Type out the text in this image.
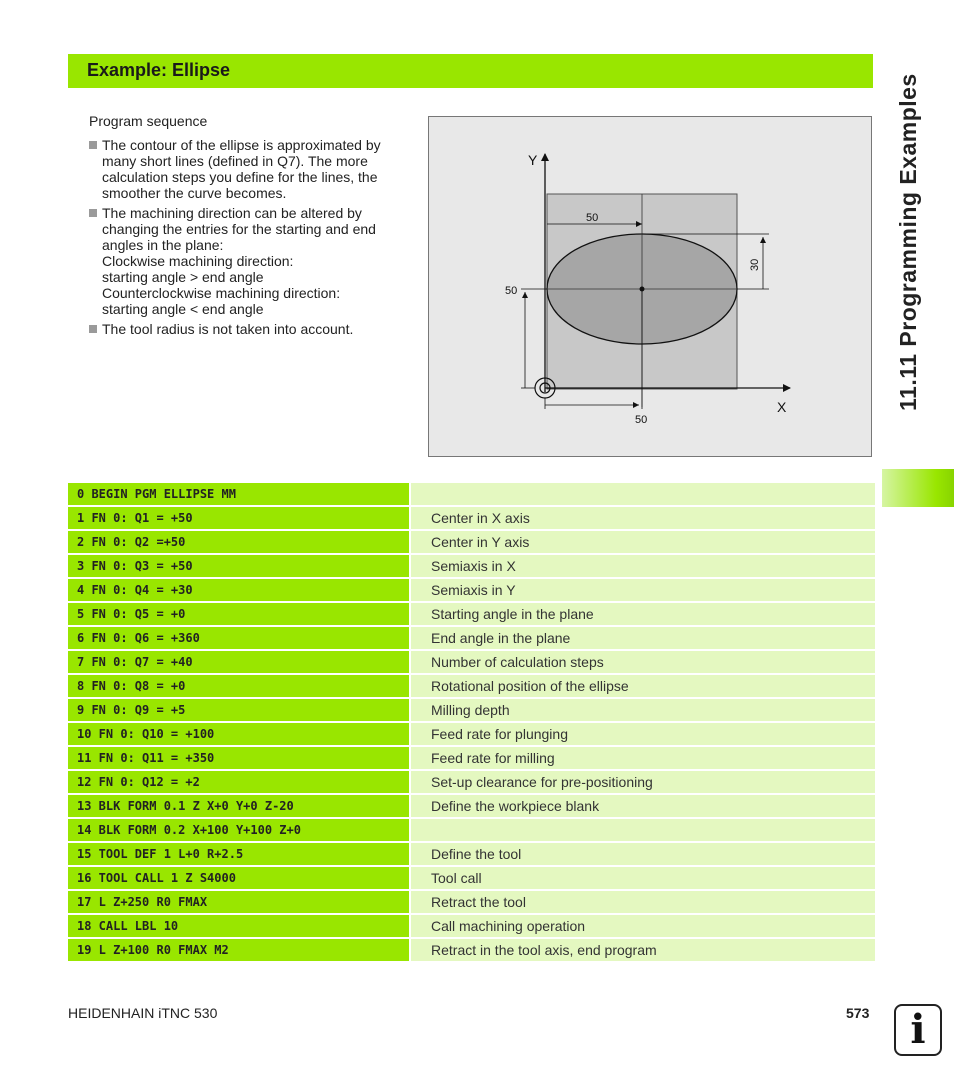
Example: Ellipse
11.11 Programming Examples
Program sequence
The contour of the ellipse is approximated by
many short lines (defined in Q7). The more
calculation steps you define for the lines, the
smoother the curve becomes.
The machining direction can be altered by
changing the entries for the starting and end
angles in the plane:
Clockwise machining direction:
starting angle > end angle
Counterclockwise machining direction:
starting angle < end angle
The tool radius is not taken into account.
Y
X
50
50
50
30
0 BEGIN PGM ELLIPSE MM
1 FN 0: Q1 = +50	Center in X axis
2 FN 0: Q2 =+50	Center in Y axis
3 FN 0: Q3 = +50	Semiaxis in X
4 FN 0: Q4 = +30	Semiaxis in Y
5 FN 0: Q5 = +0	Starting angle in the plane
6 FN 0: Q6 = +360	End angle in the plane
7 FN 0: Q7 = +40	Number of calculation steps
8 FN 0: Q8 = +0	Rotational position of the ellipse
9 FN 0: Q9 = +5	Milling depth
10 FN 0: Q10 = +100	Feed rate for plunging
11 FN 0: Q11 = +350	Feed rate for milling
12 FN 0: Q12 = +2	Set-up clearance for pre-positioning
13 BLK FORM 0.1 Z X+0 Y+0 Z-20	Define the workpiece blank
14 BLK FORM 0.2 X+100 Y+100 Z+0
15 TOOL DEF 1 L+0 R+2.5	Define the tool
16 TOOL CALL 1 Z S4000	Tool call
17 L Z+250 R0 FMAX	Retract the tool
18 CALL LBL 10	Call machining operation
19 L Z+100 R0 FMAX M2	Retract in the tool axis, end program
HEIDENHAIN iTNC 530	573	i
